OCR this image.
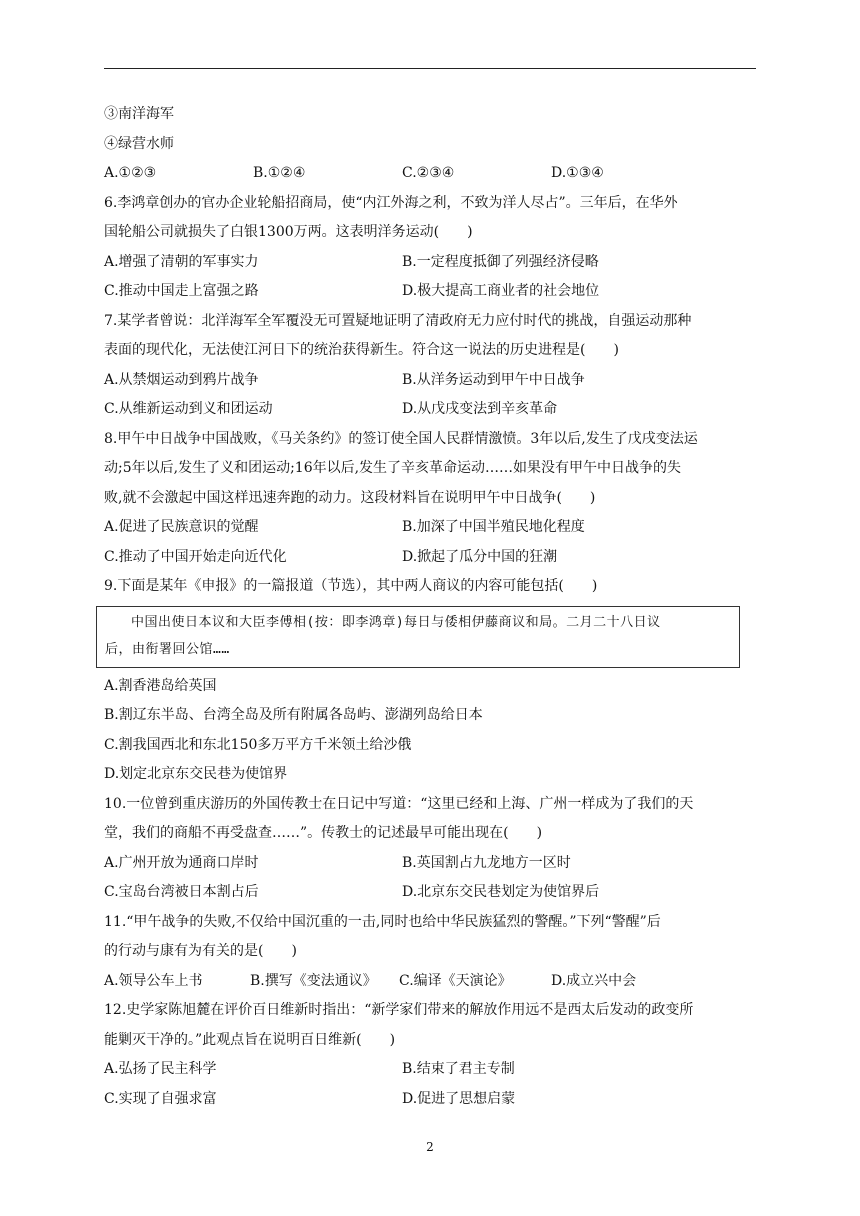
③南洋海军
④绿营水师
A.①②③	B.①②④	C.②③④	D.①③④
6.李鸿章创办的官办企业轮船招商局，使“内江外海之利，不致为洋人尽占”。三年后，在华外
国轮船公司就损失了白银1300万两。这表明洋务运动(　　)
A.增强了清朝的军事实力	B.一定程度抵御了列强经济侵略
C.推动中国走上富强之路	D.极大提高工商业者的社会地位
7.某学者曾说：北洋海军全军覆没无可置疑地证明了清政府无力应付时代的挑战，自强运动那种
表面的现代化，无法使江河日下的统治获得新生。符合这一说法的历史进程是(　　)
A.从禁烟运动到鸦片战争	B.从洋务运动到甲午中日战争
C.从维新运动到义和团运动	D.从戊戌变法到辛亥革命
8.甲午中日战争中国战败，《马关条约》的签订使全国人民群情激愤。3年以后,发生了戊戌变法运
动;5年以后,发生了义和团运动;16年以后,发生了辛亥革命运动……如果没有甲午中日战争的失
败,就不会激起中国这样迅速奔跑的动力。这段材料旨在说明甲午中日战争(　　)
A.促进了民族意识的觉醒	B.加深了中国半殖民地化程度
C.推动了中国开始走向近代化	D.掀起了瓜分中国的狂潮
9.下面是某年《申报》的一篇报道（节选），其中两人商议的内容可能包括(　　)
中国出使日本议和大臣李傅相(按：即李鸿章)每日与倭相伊藤商议和局。二月二十八日议
后，由衔署回公馆……
A.割香港岛给英国
B.割辽东半岛、台湾全岛及所有附属各岛屿、澎湖列岛给日本
C.割我国西北和东北150多万平方千米领土给沙俄
D.划定北京东交民巷为使馆界
10.一位曾到重庆游历的外国传教士在日记中写道：“这里已经和上海、广州一样成为了我们的天
堂，我们的商船不再受盘查……”。传教士的记述最早可能出现在(　　)
A.广州开放为通商口岸时	B.英国割占九龙地方一区时
C.宝岛台湾被日本割占后	D.北京东交民巷划定为使馆界后
11.“甲午战争的失败,不仅给中国沉重的一击,同时也给中华民族猛烈的警醒。”下列“警醒”后
的行动与康有为有关的是(　　)
A.领导公车上书	B.撰写《变法通议》	C.编译《天演论》	D.成立兴中会
12.史学家陈旭麓在评价百日维新时指出：“新学家们带来的解放作用远不是西太后发动的政变所
能剿灭干净的。”此观点旨在说明百日维新(　　)
A.弘扬了民主科学	B.结束了君主专制
C.实现了自强求富	D.促进了思想启蒙
2
